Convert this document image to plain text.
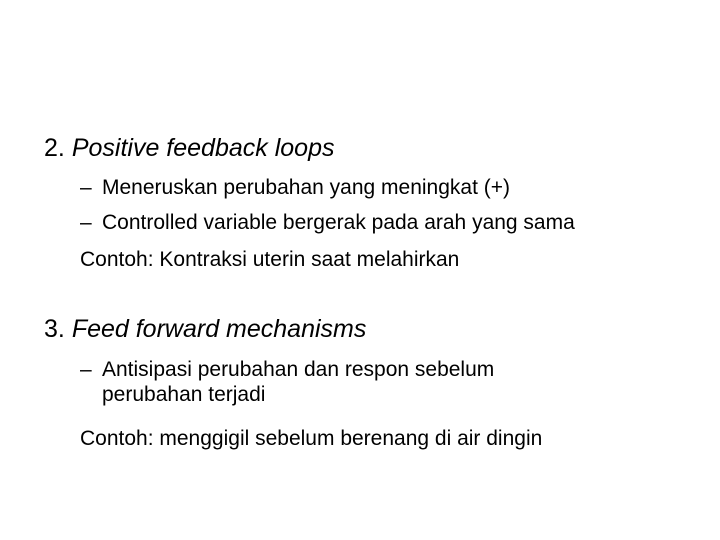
2. Positive feedback loops
– Meneruskan perubahan yang meningkat (+)
– Controlled variable bergerak pada arah yang sama
Contoh: Kontraksi uterin saat melahirkan
3. Feed forward mechanisms
– Antisipasi perubahan dan respon sebelum
perubahan terjadi
Contoh: menggigil sebelum berenang di air dingin
